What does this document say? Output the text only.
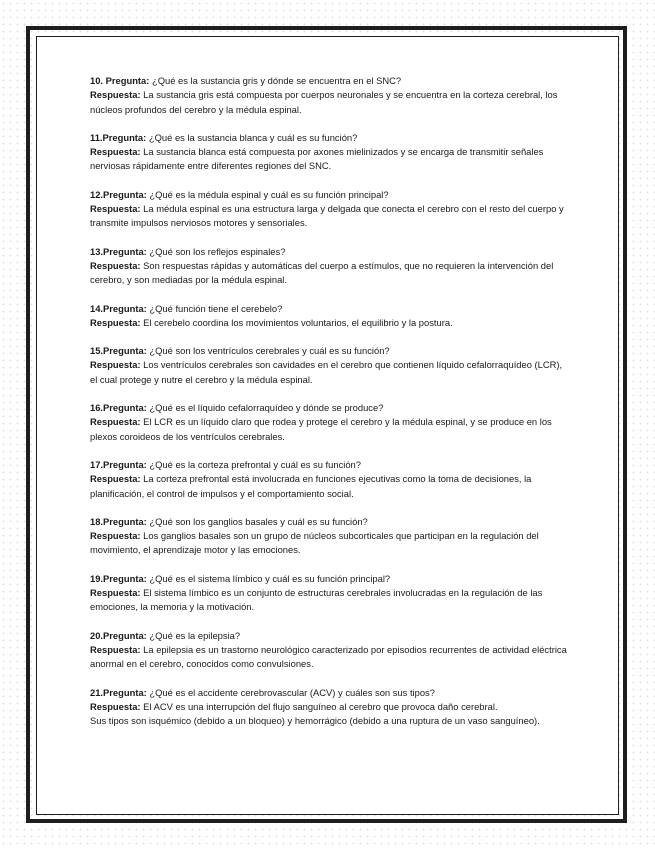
10. Pregunta: ¿Qué es la sustancia gris y dónde se encuentra en el SNC?

Respuesta: La sustancia gris está compuesta por cuerpos neuronales y se encuentra en la corteza cerebral, los núcleos profundos del cerebro y la médula espinal.

11.Pregunta: ¿Qué es la sustancia blanca y cuál es su función?

Respuesta: La sustancia blanca está compuesta por axones mielinizados y se encarga de transmitir señales nerviosas rápidamente entre diferentes regiones del SNC.

12.Pregunta: ¿Qué es la médula espinal y cuál es su función principal?

Respuesta: La médula espinal es una estructura larga y delgada que conecta el cerebro con el resto del cuerpo y transmite impulsos nerviosos motores y sensoriales.

13.Pregunta: ¿Qué son los reflejos espinales?

Respuesta: Son respuestas rápidas y automáticas del cuerpo a estímulos, que no requieren la intervención del cerebro, y son mediadas por la médula espinal.

14.Pregunta: ¿Qué función tiene el cerebelo?

Respuesta: El cerebelo coordina los movimientos voluntarios, el equilibrio y la postura.

15.Pregunta: ¿Qué son los ventrículos cerebrales y cuál es su función?

Respuesta: Los ventrículos cerebrales son cavidades en el cerebro que contienen líquido cefalorraquídeo (LCR), el cual protege y nutre el cerebro y la médula espinal.

16.Pregunta: ¿Qué es el líquido cefalorraquídeo y dónde se produce?

Respuesta: El LCR es un líquido claro que rodea y protege el cerebro y la médula espinal, y se produce en los plexos coroideos de los ventrículos cerebrales.

17.Pregunta: ¿Qué es la corteza prefrontal y cuál es su función?

Respuesta: La corteza prefrontal está involucrada en funciones ejecutivas como la toma de decisiones, la planificación, el control de impulsos y el comportamiento social.

18.Pregunta: ¿Qué son los ganglios basales y cuál es su función?

Respuesta: Los ganglios basales son un grupo de núcleos subcorticales que participan en la regulación del movimiento, el aprendizaje motor y las emociones.

19.Pregunta: ¿Qué es el sistema límbico y cuál es su función principal?

Respuesta: El sistema límbico es un conjunto de estructuras cerebrales involucradas en la regulación de las emociones, la memoria y la motivación.

20.Pregunta: ¿Qué es la epilepsia?

Respuesta: La epilepsia es un trastorno neurológico caracterizado por episodios recurrentes de actividad eléctrica anormal en el cerebro, conocidos como convulsiones.

21.Pregunta: ¿Qué es el accidente cerebrovascular (ACV) y cuáles son sus tipos?

Respuesta: El ACV es una interrupción del flujo sanguíneo al cerebro que provoca daño cerebral.

Sus tipos son isquémico (debido a un bloqueo) y hemorrágico (debido a una ruptura de un vaso sanguíneo).
